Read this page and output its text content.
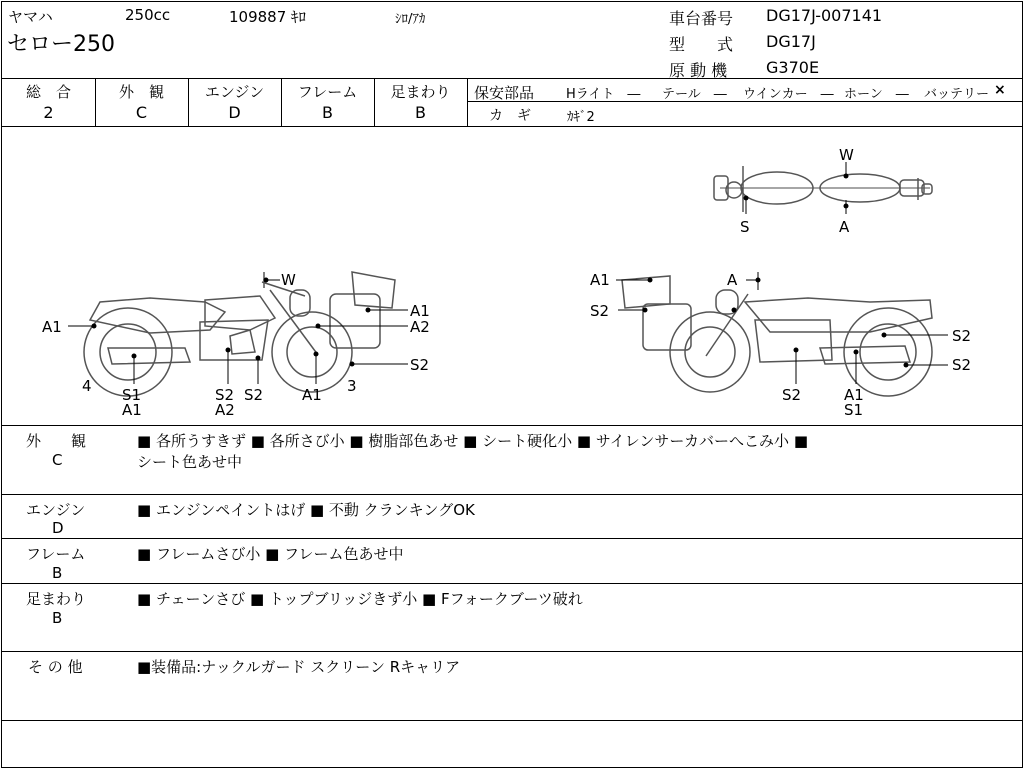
ヤマハ	250cc	109887 ｷﾛ	ｼﾛ/ｱｶ
セロー250
車台番号 DG17J-007141
型　　式 DG17J
原 動 機 G370E
総　合
2
外　観
C
エンジン
D
フレーム
B
足まわり
B
保安部品 Hライト　― テール　― ウインカー　― ホーン　― バッテリー ×
カ　ギ	ｶｷﾞ2
外　　観
C
■ 各所うすきず ■ 各所さび小 ■ 樹脂部色あせ ■ シート硬化小 ■ サイレンサーカバーへこみ小 ■
シート色あせ中
エンジン
D
■ エンジンペイントはげ ■ 不動 クランキングOK
フレーム
B
■ フレームさび小 ■ フレーム色あせ中
足まわり
B
■ チェーンさび ■ トップブリッジきず小 ■ Fフォークブーツ破れ
そ の 他	■装備品:ナックルガード スクリーン Rキャリア
W
S	A
A1
W
A1
A2
S2
4 S1
A1
S2
A2
S2	A1 3
A1	A
S2
S2
S2
S2	A1
S1
